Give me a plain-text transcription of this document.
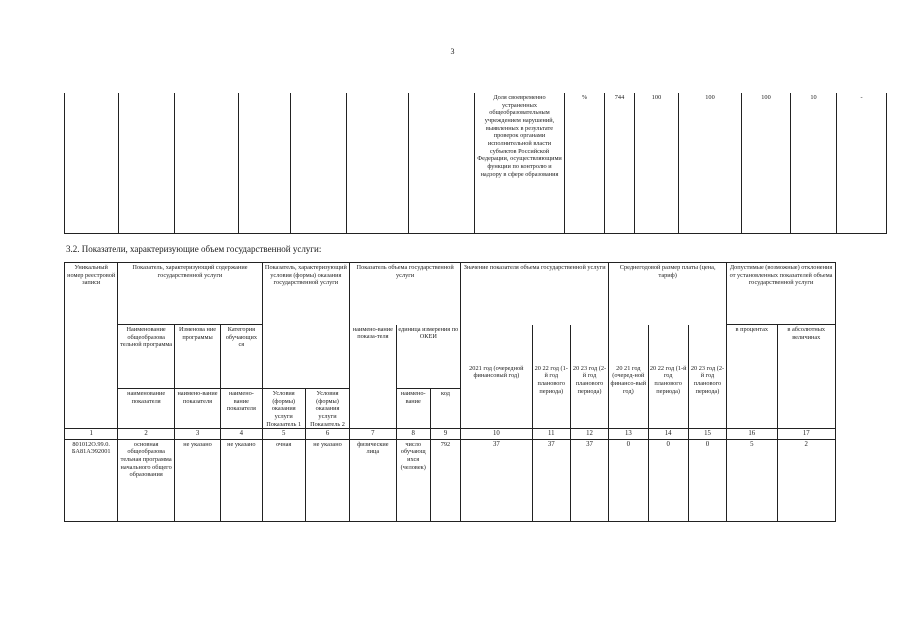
3
							Доля своевременно устраненных общеобразовательным учреждением нарушений, выявленных в результате проверок органами исполнительной власти субъектов Российской Федерации, осуществляющими функции по контролю и надзору в сфере образования	%	744	100	100	100	10	-
3.2. Показатели, характеризующие объем государственной услуги:
Уникальный номер реестровой записи	Показатель, характеризующий содержание государственной услуги			Показатель, характеризующий условия (формы) оказания государственной услуги		Показатель объема государственной услуги			Значение показателя объема государственной услуги			Среднегодовой размер платы (цена, тариф)			Допустимые (возможные) отклонения от установленных показателей объема государственной услуги	
	Наименование общеобразова тельной программа	Изменова ние программы	Категория обучающих ся			наимено-вание показа-теля	единица измерения по ОКЕИ		2021 год (очередной финансовый год)	20 22 год (1-й год планового периода)	20 23 год (2-й год планового периода)	20 21 год (очеред-ной финансо-вый год)	20 22 год (1-й год планового периода)	20 23 год (2-й год планового периода)	в процентах	в абсолютных величинах
	наименование показателя	наимено-вание показателя	наимено-вание показателя	Условия (формы) оказания услуги Показатель 1	Условия (формы) оказания услуги Показатель 2		наимено-вание	код								
1	2	3	4	5	6	7	8	9	10	11	12	13	14	15	16	17
801012О.99.0. БА81АЭ92001	основная общеобразова тельная программа начального общего образования	не указано	не указано	очная	не указано	физические лица	число обучающ ихся (человек)	792	37	37	37	0	0	0	5	2
